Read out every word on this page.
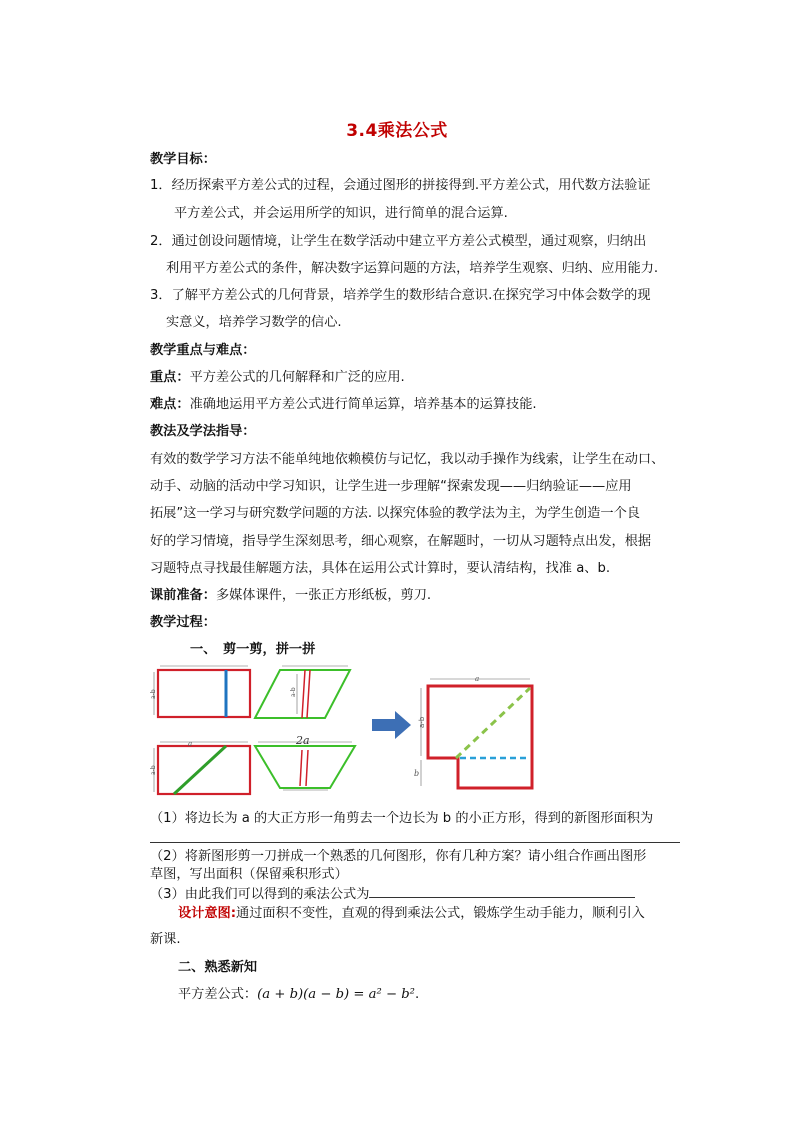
3.4乘法公式
教学目标：
1．经历探索平方差公式的过程，会通过图形的拼接得到.平方差公式，用代数方法验证
平方差公式，并会运用所学的知识，进行简单的混合运算.
2．通过创设问题情境，让学生在数学活动中建立平方差公式模型，通过观察，归纳出
利用平方差公式的条件，解决数字运算问题的方法，培养学生观察、归纳、应用能力.
3．了解平方差公式的几何背景，培养学生的数形结合意识.在探究学习中体会数学的现
实意义，培养学习数学的信心.
教学重点与难点：
重点：平方差公式的几何解释和广泛的应用.
难点：准确地运用平方差公式进行简单运算，培养基本的运算技能.
教法及学法指导：
有效的数学学习方法不能单纯地依赖模仿与记忆，我以动手操作为线索，让学生在动口、
动手、动脑的活动中学习知识，让学生进一步理解“探索发现——归纳验证——应用
拓展”这一学习与研究数学问题的方法. 以探究体验的教学法为主，为学生创造一个良
好的学习情境，指导学生深刻思考，细心观察，在解题时，一切从习题特点出发，根据
习题特点寻找最佳解题方法，具体在运用公式计算时，要认清结构，找准 a、b.
课前准备：多媒体课件，一张正方形纸板，剪刀.
教学过程：
一、　剪一剪，拼一拼
a-b	a-b
a-b
a	2a
a
a-b
b
（1）将边长为 a 的大正方形一角剪去一个边长为 b 的小正方形，得到的新图形面积为
（2）将新图形剪一刀拼成一个熟悉的几何图形，你有几种方案？请小组合作画出图形
草图，写出面积（保留乘积形式）
（3）由此我们可以得到的乘法公式为
设计意图:通过面积不变性，直观的得到乘法公式，锻炼学生动手能力，顺利引入
新课.
二、熟悉新知
平方差公式：(a + b)(a − b) = a² − b².
